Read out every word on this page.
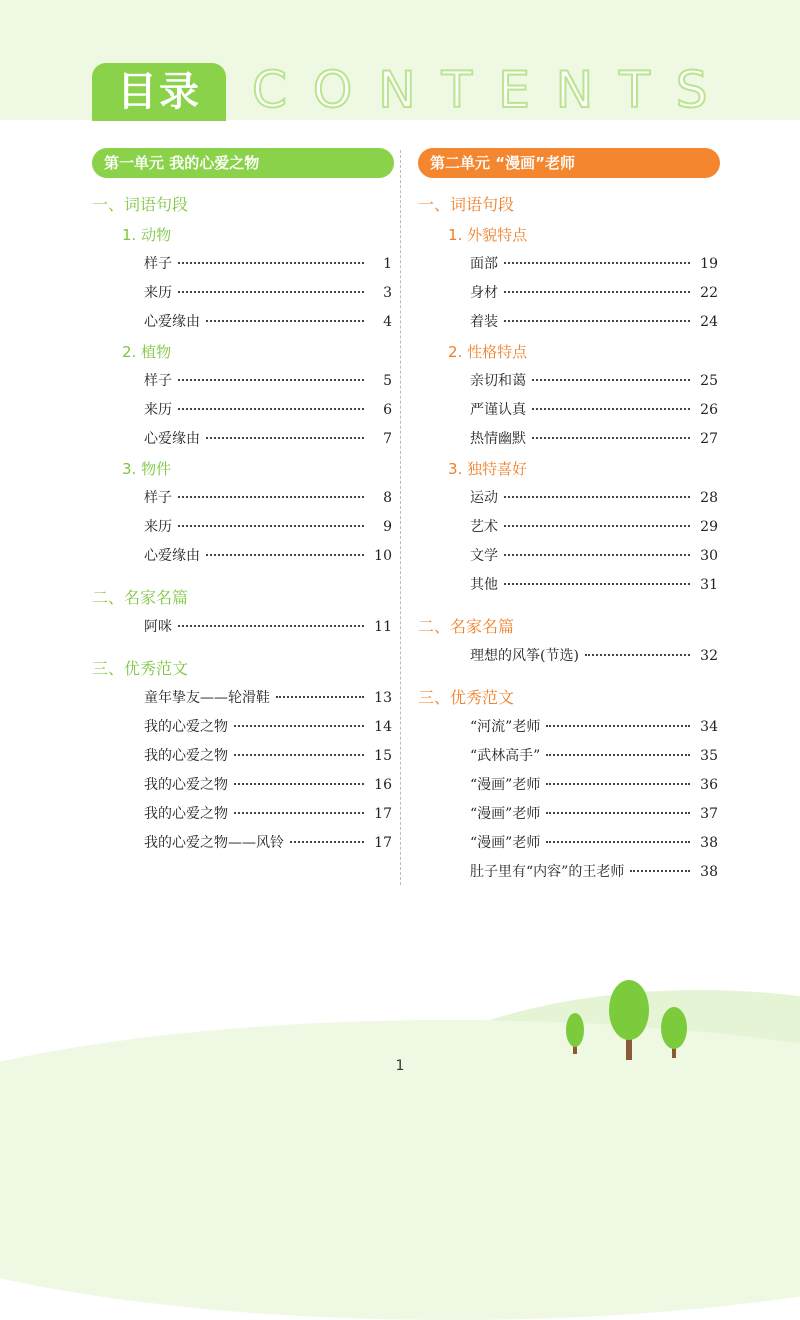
目录	CONTENTS
第一单元 我的心爱之物
一、词语句段
1. 动物
样子	1
来历	3
心爱缘由	4
2. 植物
样子	5
来历	6
心爱缘由	7
3. 物件
样子	8
来历	9
心爱缘由	10
二、名家名篇
阿咪	11
三、优秀范文
童年挚友——轮滑鞋	13
我的心爱之物	14
我的心爱之物	15
我的心爱之物	16
我的心爱之物	17
我的心爱之物——风铃	17
第二单元 “漫画”老师
一、词语句段
1. 外貌特点
面部	19
身材	22
着装	24
2. 性格特点
亲切和蔼	25
严谨认真	26
热情幽默	27
3. 独特喜好
运动	28
艺术	29
文学	30
其他	31
二、名家名篇
理想的风筝(节选)	32
三、优秀范文
“河流”老师	34
“武林高手”	35
“漫画”老师	36
“漫画”老师	37
“漫画”老师	38
肚子里有“内容”的王老师	38
1
